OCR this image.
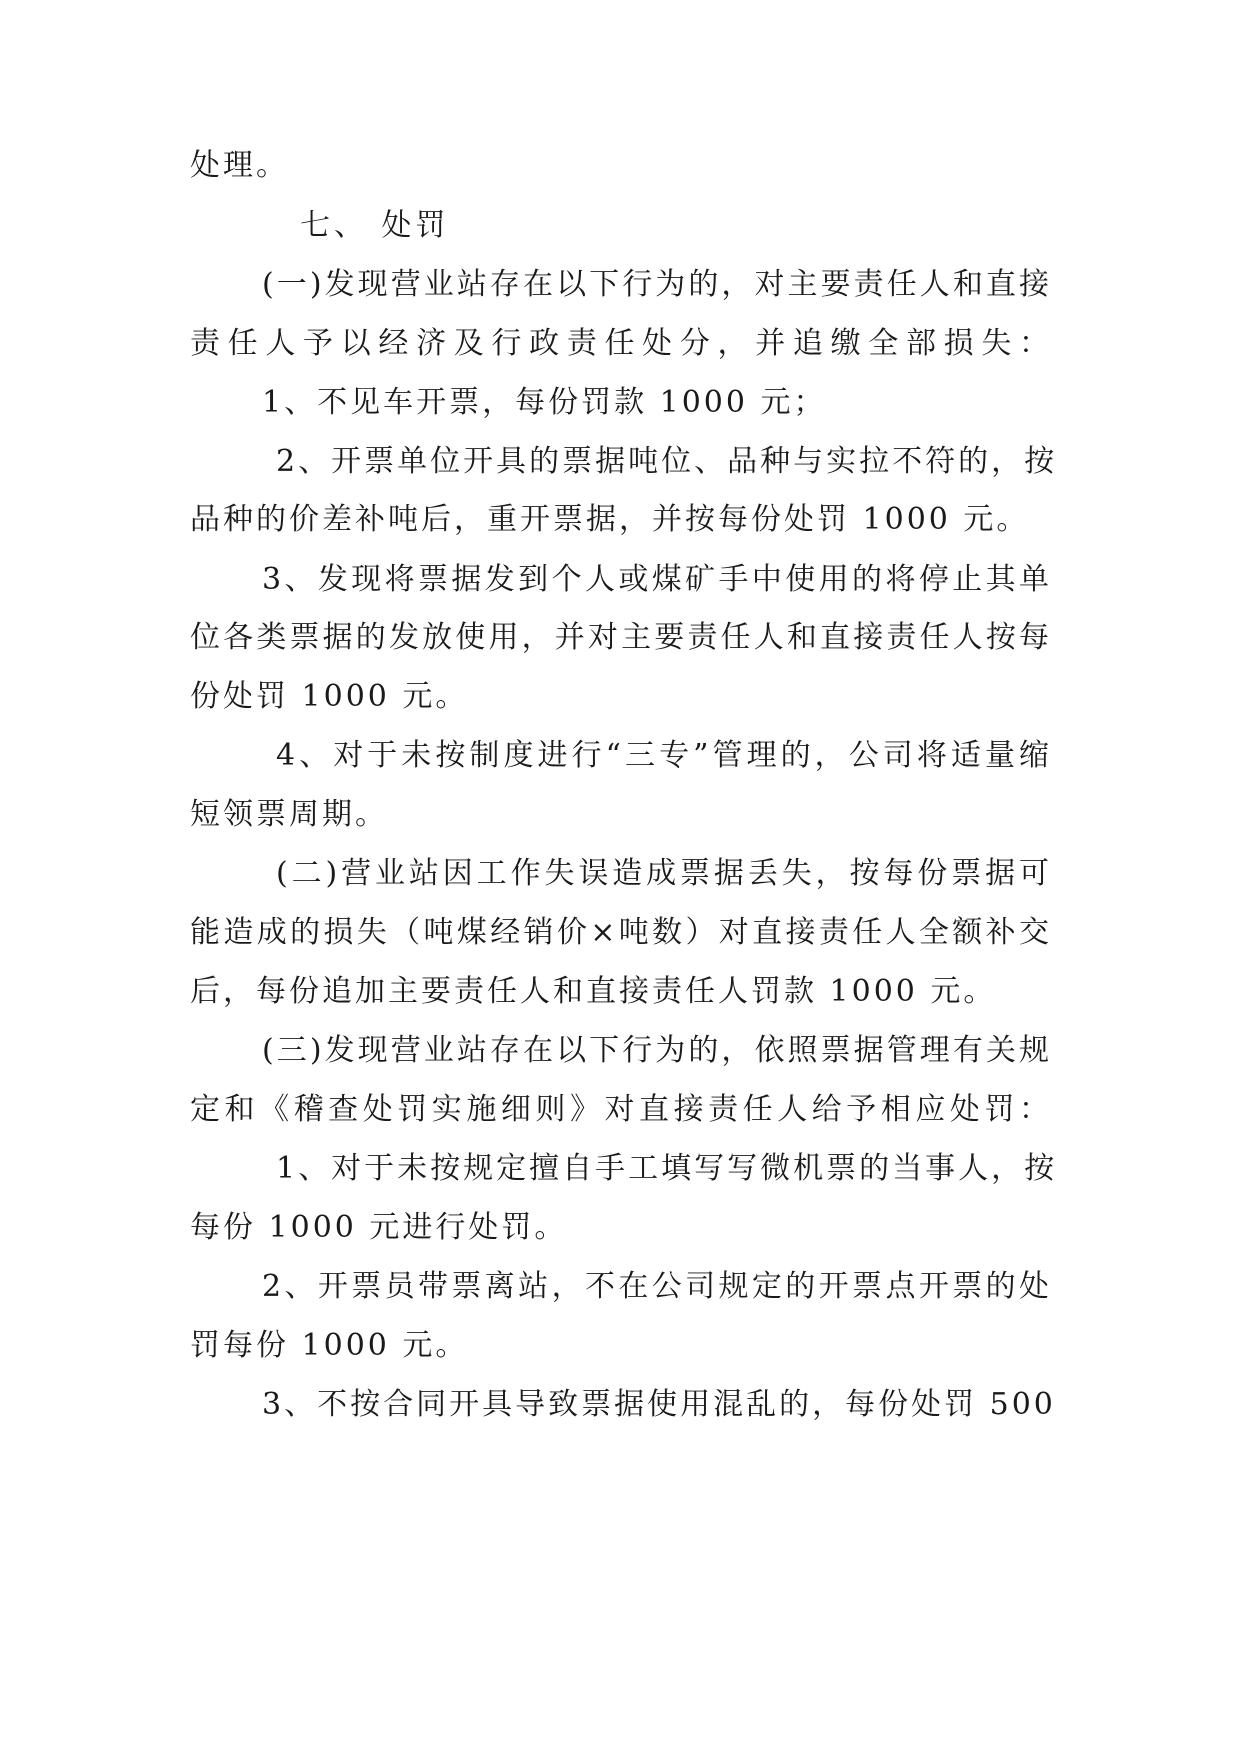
处理。
七、 处罚
(一)发现营业站存在以下行为的，对主要责任人和直接
责任人予以经济及行政责任处分，并追缴全部损失：
1、不见车开票，每份罚款 1000 元；
2、开票单位开具的票据吨位、品种与实拉不符的，按
品种的价差补吨后，重开票据，并按每份处罚 1000 元。
3、发现将票据发到个人或煤矿手中使用的将停止其单
位各类票据的发放使用，并对主要责任人和直接责任人按每
份处罚 1000 元。
4、对于未按制度进行“三专”管理的，公司将适量缩
短领票周期。
(二)营业站因工作失误造成票据丢失，按每份票据可
能造成的损失（吨煤经销价×吨数）对直接责任人全额补交
后，每份追加主要责任人和直接责任人罚款 1000 元。
(三)发现营业站存在以下行为的，依照票据管理有关规
定和《稽查处罚实施细则》对直接责任人给予相应处罚：
1、对于未按规定擅自手工填写写微机票的当事人，按
每份 1000 元进行处罚。
2、开票员带票离站，不在公司规定的开票点开票的处
罚每份 1000 元。
3、不按合同开具导致票据使用混乱的，每份处罚 500
